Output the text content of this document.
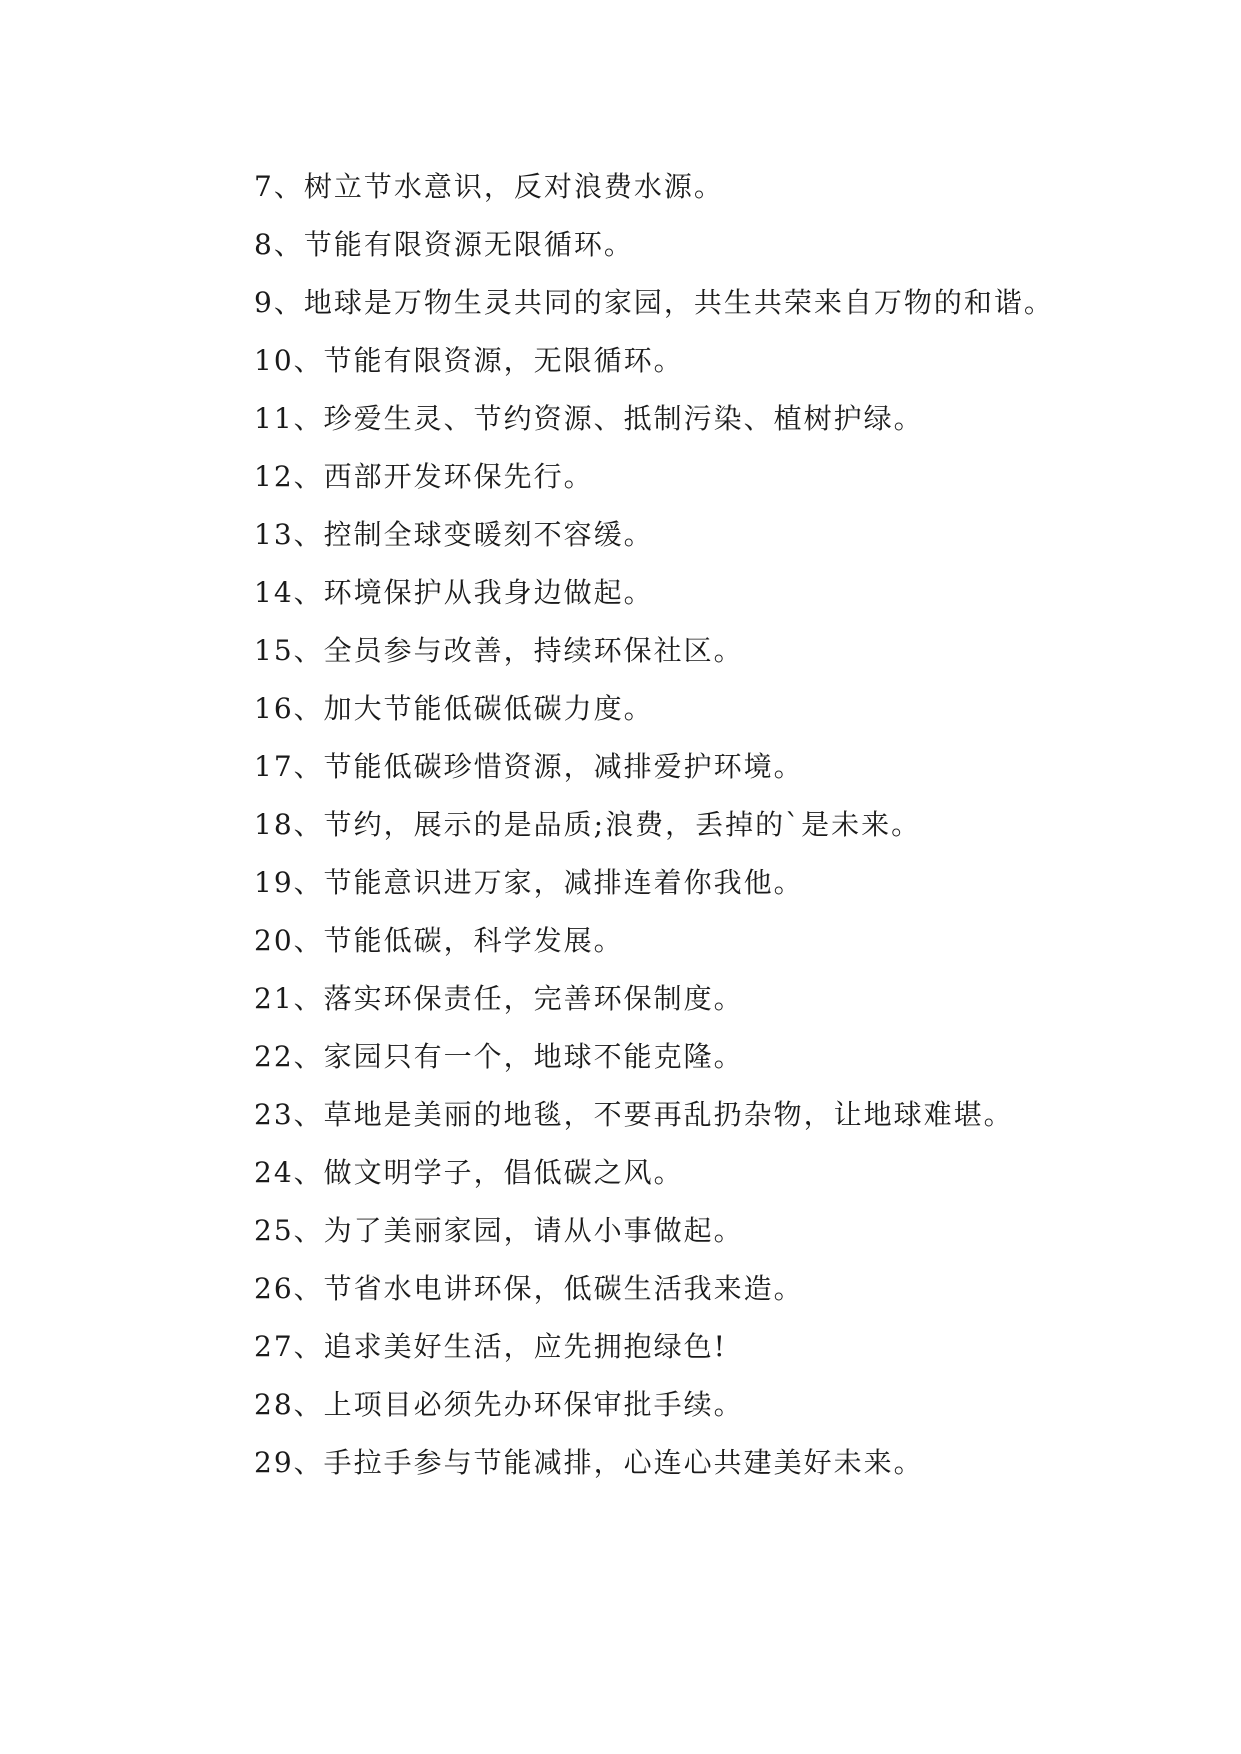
7、树立节水意识，反对浪费水源。

8、节能有限资源无限循环。

9、地球是万物生灵共同的家园，共生共荣来自万物的和谐。

10、节能有限资源，无限循环。

11、珍爱生灵、节约资源、抵制污染、植树护绿。

12、西部开发环保先行。

13、控制全球变暖刻不容缓。

14、环境保护从我身边做起。

15、全员参与改善，持续环保社区。

16、加大节能低碳低碳力度。

17、节能低碳珍惜资源，减排爱护环境。

18、节约，展示的是品质;浪费，丢掉的`是未来。

19、节能意识进万家，减排连着你我他。

20、节能低碳，科学发展。

21、落实环保责任，完善环保制度。

22、家园只有一个，地球不能克隆。

23、草地是美丽的地毯，不要再乱扔杂物，让地球难堪。

24、做文明学子，倡低碳之风。

25、为了美丽家园，请从小事做起。

26、节省水电讲环保，低碳生活我来造。

27、追求美好生活，应先拥抱绿色!

28、上项目必须先办环保审批手续。

29、手拉手参与节能减排，心连心共建美好未来。
